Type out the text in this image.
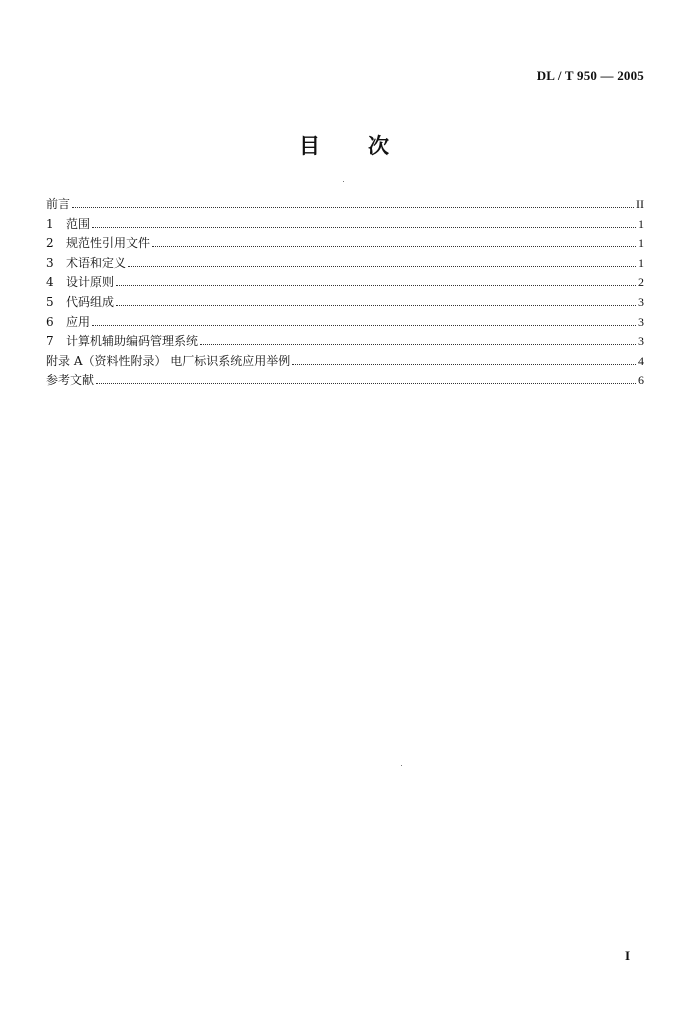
DL / T 950 — 2005
目　　次
前言	II
1	范围	1
2	规范性引用文件	1
3	术语和定义	1
4	设计原则	2
5	代码组成	3
6	应用	3
7	计算机辅助编码管理系统	3
附录 A（资料性附录） 电厂标识系统应用举例	4
参考文献	6
I
